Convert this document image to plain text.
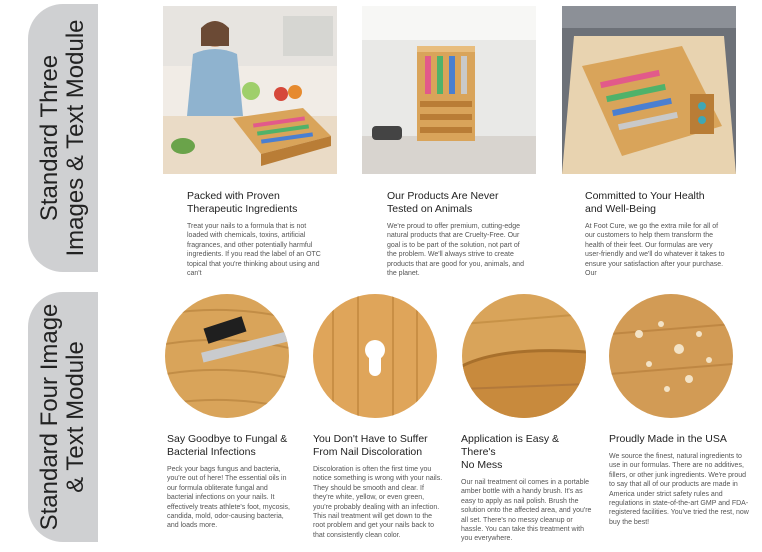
Standard Three
Images & Text Module
Standard Four Image
& Text Module
Packed with Proven
Therapeutic Ingredients
Treat your nails to a formula that is not loaded with chemicals, toxins, artificial fragrances, and other potentially harmful ingredients. If you read the label of an OTC topical that you're thinking about using and can't
Our Products Are Never
Tested on Animals
We're proud to offer premium, cutting-edge natural products that are Cruelty-Free. Our goal is to be part of the solution, not part of the problem. We'll always strive to create products that are good for you, animals, and the planet.
Committed to Your Health
and Well-Being
At Foot Cure, we go the extra mile for all of our customers to help them transform the health of their feet. Our formulas are very user-friendly and we'll do whatever it takes to ensure your satisfaction after your purchase. Our
Say Goodbye to Fungal &
Bacterial Infections
Peck your bags fungus and bacteria, you're out of here! The essential oils in our formula obliterate fungal and bacterial infections on your nails. It effectively treats athlete's foot, mycosis, candida, mold, odor-causing bacteria, and loads more.
You Don't Have to Suffer
From Nail Discoloration
Discoloration is often the first time you notice something is wrong with your nails. They should be smooth and clear. If they're white, yellow, or even green, you're probably dealing with an infection. This nail treatment will get down to the root problem and get your nails back to that consistently clean color.
Application is Easy & There's
No Mess
Our nail treatment oil comes in a portable amber bottle with a handy brush. It's as easy to apply as nail polish. Brush the solution onto the affected area, and you're all set. There's no messy cleanup or hassle. You can take this treatment with you everywhere.
Proudly Made in the USA
We source the finest, natural ingredients to use in our formulas. There are no additives, fillers, or other junk ingredients. We're proud to say that all of our products are made in America under strict safety rules and regulations in state-of-the-art GMP and FDA-registered facilities. You've tried the rest, now buy the best!
